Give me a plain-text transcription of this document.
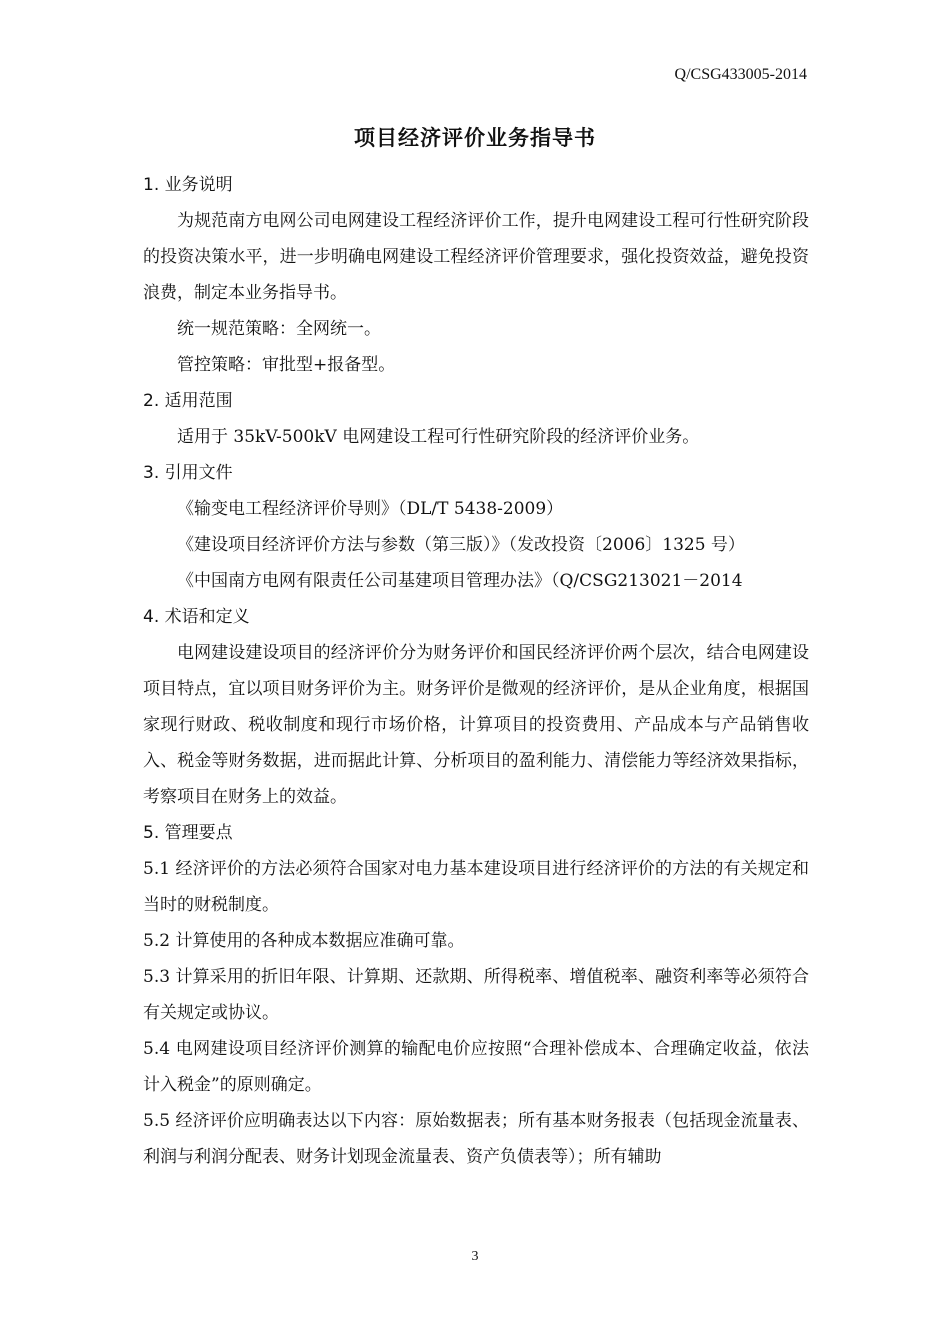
Q/CSG433005-2014
项目经济评价业务指导书
1. 业务说明
为规范南方电网公司电网建设工程经济评价工作，提升电网建设工程可行性研究阶段的投资决策水平，进一步明确电网建设工程经济评价管理要求，强化投资效益，避免投资浪费，制定本业务指导书。
统一规范策略：全网统一。
管控策略：审批型+报备型。
2. 适用范围
适用于 35kV-500kV 电网建设工程可行性研究阶段的经济评价业务。
3. 引用文件
《输变电工程经济评价导则》（DL/T 5438-2009）
《建设项目经济评价方法与参数（第三版）》（发改投资〔2006〕1325 号）
《中国南方电网有限责任公司基建项目管理办法》（Q/CSG213021－2014
4. 术语和定义
电网建设建设项目的经济评价分为财务评价和国民经济评价两个层次，结合电网建设项目特点，宜以项目财务评价为主。财务评价是微观的经济评价，是从企业角度，根据国家现行财政、税收制度和现行市场价格，计算项目的投资费用、产品成本与产品销售收入、税金等财务数据，进而据此计算、分析项目的盈利能力、清偿能力等经济效果指标，考察项目在财务上的效益。
5. 管理要点
5.1 经济评价的方法必须符合国家对电力基本建设项目进行经济评价的方法的有关规定和当时的财税制度。
5.2 计算使用的各种成本数据应准确可靠。
5.3 计算采用的折旧年限、计算期、还款期、所得税率、增值税率、融资利率等必须符合有关规定或协议。
5.4 电网建设项目经济评价测算的输配电价应按照“合理补偿成本、合理确定收益，依法计入税金”的原则确定。
5.5 经济评价应明确表达以下内容：原始数据表；所有基本财务报表（包括现金流量表、利润与利润分配表、财务计划现金流量表、资产负债表等）；所有辅助
3
